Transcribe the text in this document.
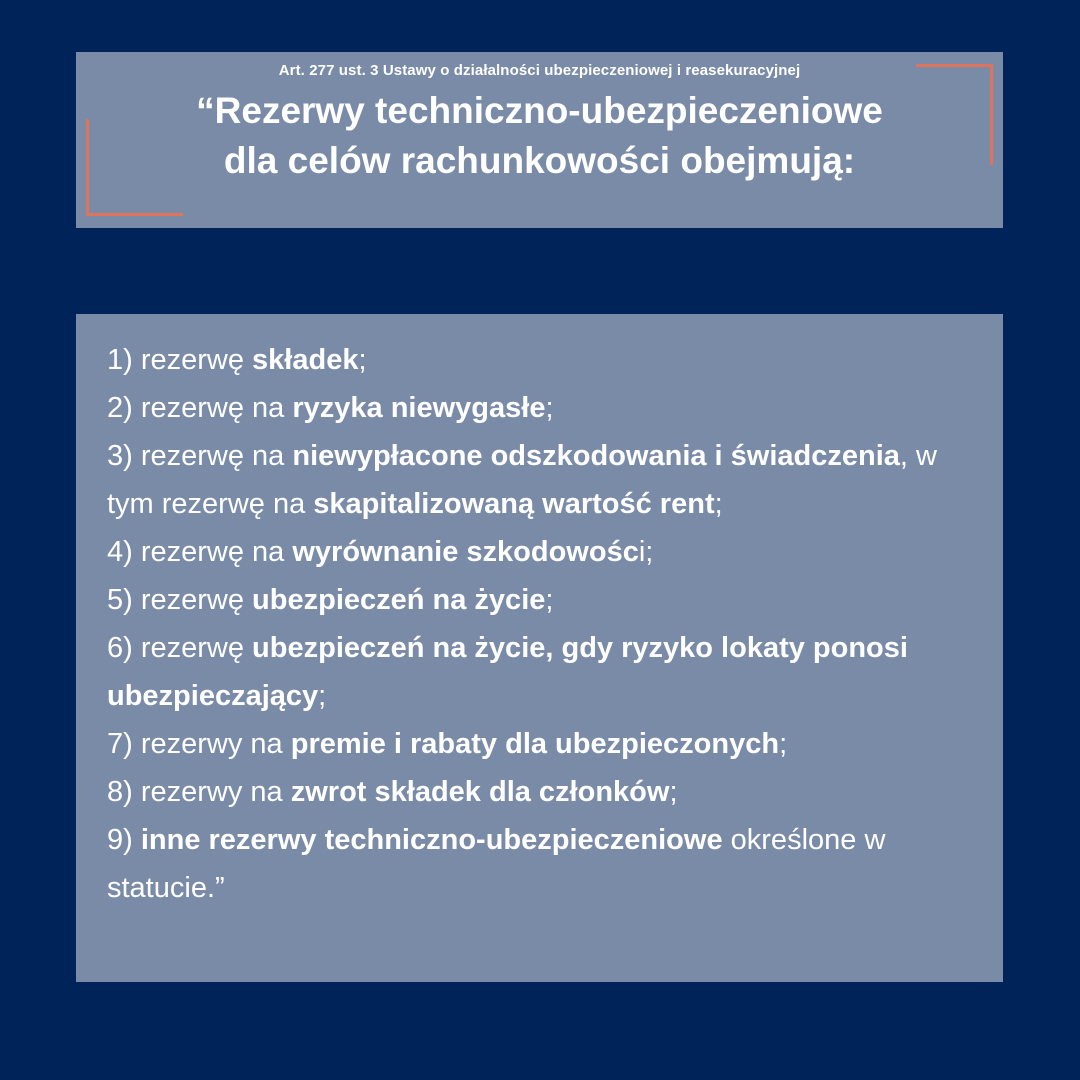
Art. 277 ust. 3 Ustawy o działalności ubezpieczeniowej i reasekuracyjnej
“Rezerwy techniczno-ubezpieczeniowe
dla celów rachunkowości obejmują:
1) rezerwę składek;
2) rezerwę na ryzyka niewygasłe;
3) rezerwę na niewypłacone odszkodowania i świadczenia, w tym rezerwę na skapitalizowaną wartość rent;
4) rezerwę na wyrównanie szkodowości;
5) rezerwę ubezpieczeń na życie;
6) rezerwę ubezpieczeń na życie, gdy ryzyko lokaty ponosi ubezpieczający;
7) rezerwy na premie i rabaty dla ubezpieczonych;
8) rezerwy na zwrot składek dla członków;
9) inne rezerwy techniczno-ubezpieczeniowe określone w statucie.”
